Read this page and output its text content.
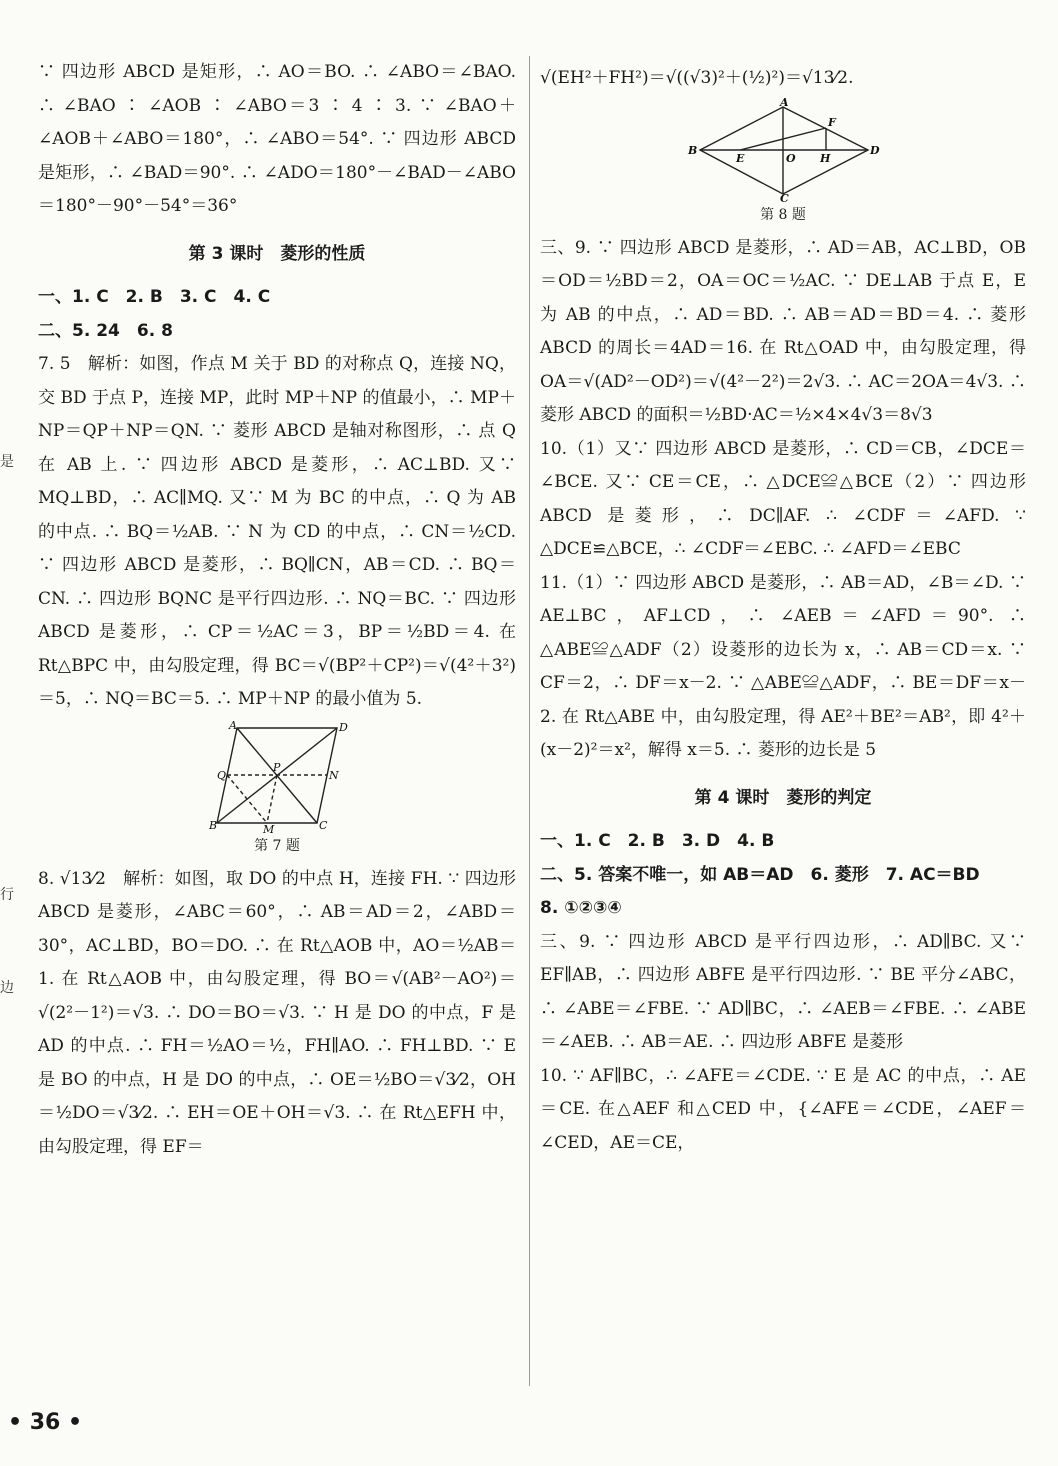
是
行
边

∵ 四边形 ABCD 是矩形，∴ AO＝BO. ∴ ∠ABO＝∠BAO. ∴ ∠BAO ∶ ∠AOB ∶ ∠ABO＝3 ∶ 4 ∶ 3. ∵ ∠BAO＋∠AOB＋∠ABO＝180°，∴ ∠ABO＝54°. ∵ 四边形 ABCD 是矩形，∴ ∠BAD＝90°. ∴ ∠ADO＝180°－∠BAD－∠ABO＝180°－90°－54°＝36°

第 3 课时　菱形的性质

一、1. C　2. B　3. C　4. C

二、5. 24　6. 8

7. 5　解析：如图，作点 M 关于 BD 的对称点 Q，连接 NQ，交 BD 于点 P，连接 MP，此时 MP＋NP 的值最小，∴ MP＋NP＝QP＋NP＝QN. ∵ 菱形 ABCD 是轴对称图形，∴ 点 Q 在 AB 上. ∵ 四边形 ABCD 是菱形，∴ AC⊥BD. 又∵ MQ⊥BD，∴ AC∥MQ. 又∵ M 为 BC 的中点，∴ Q 为 AB 的中点. ∴ BQ＝½AB. ∵ N 为 CD 的中点，∴ CN＝½CD. ∵ 四边形 ABCD 是菱形，∴ BQ∥CN，AB＝CD. ∴ BQ＝CN. ∴ 四边形 BQNC 是平行四边形. ∴ NQ＝BC. ∵ 四边形 ABCD 是菱形，∴ CP＝½AC＝3，BP＝½BD＝4. 在 Rt△BPC 中，由勾股定理，得 BC＝√(BP²＋CP²)＝√(4²＋3²)＝5，∴ NQ＝BC＝5. ∴ MP＋NP 的最小值为 5.

A	D
B	C
Q	N
P
M
第 7 题

8. √13⁄2　解析：如图，取 DO 的中点 H，连接 FH. ∵ 四边形 ABCD 是菱形，∠ABC＝60°，∴ AB＝AD＝2，∠ABD＝30°，AC⊥BD，BO＝DO. ∴ 在 Rt△AOB 中，AO＝½AB＝1. 在 Rt△AOB 中，由勾股定理，得 BO＝√(AB²－AO²)＝√(2²－1²)＝√3. ∴ DO＝BO＝√3. ∵ H 是 DO 的中点，F 是 AD 的中点. ∴ FH＝½AO＝½，FH∥AO. ∴ FH⊥BD. ∵ E 是 BO 的中点，H 是 DO 的中点，∴ OE＝½BO＝√3⁄2，OH＝½DO＝√3⁄2. ∴ EH＝OE＋OH＝√3. ∴ 在 Rt△EFH 中，由勾股定理，得 EF＝

√(EH²＋FH²)＝√((√3)²＋(½)²)＝√13⁄2.

A
B	D
C
E	O H
F
第 8 题

三、9. ∵ 四边形 ABCD 是菱形，∴ AD＝AB，AC⊥BD，OB＝OD＝½BD＝2，OA＝OC＝½AC. ∵ DE⊥AB 于点 E，E 为 AB 的中点，∴ AD＝BD. ∴ AB＝AD＝BD＝4. ∴ 菱形 ABCD 的周长＝4AD＝16. 在 Rt△OAD 中，由勾股定理，得 OA＝√(AD²－OD²)＝√(4²－2²)＝2√3. ∴ AC＝2OA＝4√3. ∴ 菱形 ABCD 的面积＝½BD·AC＝½×4×4√3＝8√3

10.（1）又∵ 四边形 ABCD 是菱形，∴ CD＝CB，∠DCE＝∠BCE. 又∵ CE＝CE，∴ △DCE≌△BCE（2）∵ 四边形 ABCD 是菱形，∴ DC∥AF. ∴ ∠CDF＝∠AFD. ∵ △DCE≌△BCE，∴ ∠CDF＝∠EBC. ∴ ∠AFD＝∠EBC

11.（1）∵ 四边形 ABCD 是菱形，∴ AB＝AD，∠B＝∠D. ∵ AE⊥BC，AF⊥CD，∴ ∠AEB＝∠AFD＝90°. ∴ △ABE≌△ADF（2）设菱形的边长为 x，∴ AB＝CD＝x. ∵ CF＝2，∴ DF＝x－2. ∵ △ABE≌△ADF，∴ BE＝DF＝x－2. 在 Rt△ABE 中，由勾股定理，得 AE²＋BE²＝AB²，即 4²＋(x－2)²＝x²，解得 x＝5. ∴ 菱形的边长是 5

第 4 课时　菱形的判定

一、1. C　2. B　3. D　4. B

二、5. 答案不唯一，如 AB＝AD　6. 菱形　7. AC＝BD

8. ①②③④

三、9. ∵ 四边形 ABCD 是平行四边形，∴ AD∥BC. 又∵ EF∥AB，∴ 四边形 ABFE 是平行四边形. ∵ BE 平分∠ABC，∴ ∠ABE＝∠FBE. ∵ AD∥BC，∴ ∠AEB＝∠FBE. ∴ ∠ABE＝∠AEB. ∴ AB＝AE. ∴ 四边形 ABFE 是菱形

10. ∵ AF∥BC，∴ ∠AFE＝∠CDE. ∵ E 是 AC 的中点，∴ AE＝CE. 在△AEF 和△CED 中，{∠AFE＝∠CDE，∠AEF＝∠CED，AE＝CE，

• 36 •
